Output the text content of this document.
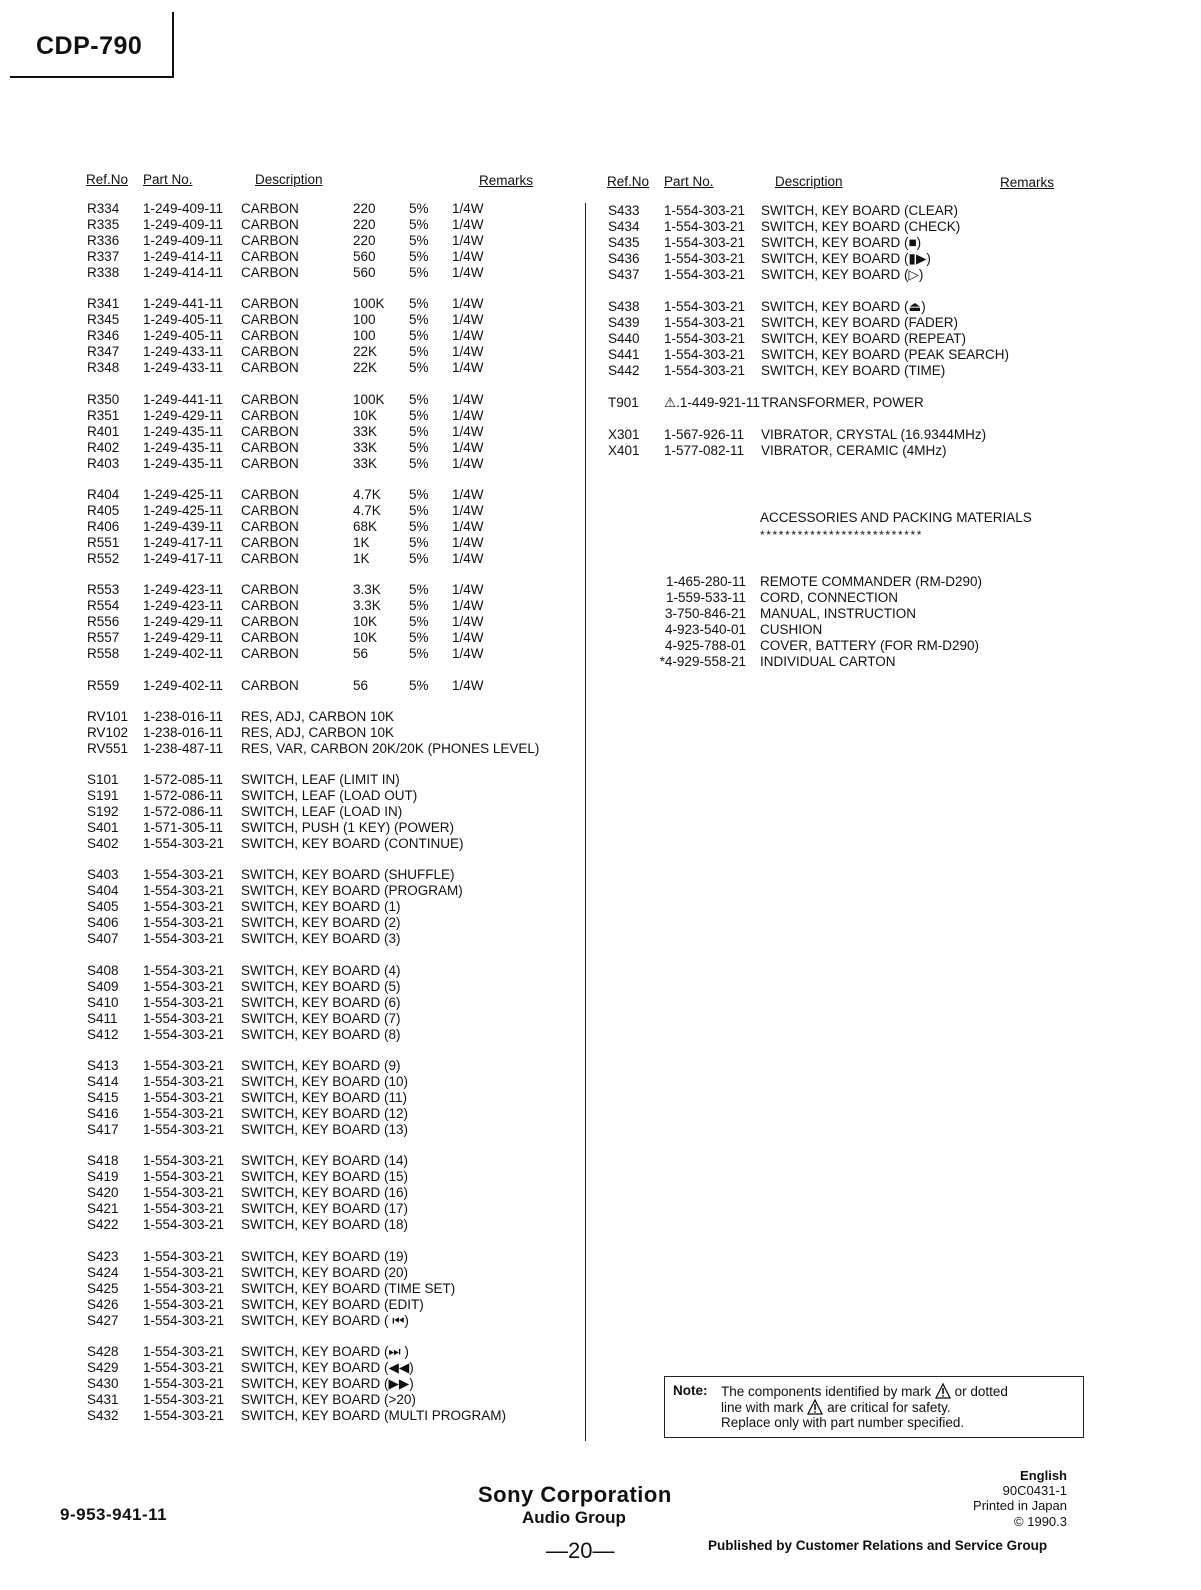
CDP-790
Ref.No Part No.	Description	Remarks	Ref.No Part No.	Description	Remarks
R334 1-249-409-11 CARBON	220 5% 1/4W
R335 1-249-409-11 CARBON	220 5% 1/4W
R336 1-249-409-11 CARBON	220 5% 1/4W
R337 1-249-414-11 CARBON	560 5% 1/4W
R338 1-249-414-11 CARBON	560 5% 1/4W
R341 1-249-441-11 CARBON	100K 5% 1/4W
R345 1-249-405-11 CARBON	100 5% 1/4W
R346 1-249-405-11 CARBON	100 5% 1/4W
R347 1-249-433-11 CARBON	22K 5% 1/4W
R348 1-249-433-11 CARBON	22K 5% 1/4W
R350 1-249-441-11 CARBON	100K 5% 1/4W
R351 1-249-429-11 CARBON	10K 5% 1/4W
R401 1-249-435-11 CARBON	33K 5% 1/4W
R402 1-249-435-11 CARBON	33K 5% 1/4W
R403 1-249-435-11 CARBON	33K 5% 1/4W
R404 1-249-425-11 CARBON	4.7K 5% 1/4W
R405 1-249-425-11 CARBON	4.7K 5% 1/4W
R406 1-249-439-11 CARBON	68K 5% 1/4W
R551 1-249-417-11 CARBON	1K	5% 1/4W
R552 1-249-417-11 CARBON	1K	5% 1/4W
R553 1-249-423-11 CARBON	3.3K 5% 1/4W
R554 1-249-423-11 CARBON	3.3K 5% 1/4W
R556 1-249-429-11 CARBON	10K 5% 1/4W
R557 1-249-429-11 CARBON	10K 5% 1/4W
R558 1-249-402-11 CARBON	56	5% 1/4W
R559 1-249-402-11 CARBON	56	5% 1/4W
RV101 1-238-016-11 RES, ADJ, CARBON 10K
RV102 1-238-016-11 RES, ADJ, CARBON 10K
RV551 1-238-487-11 RES, VAR, CARBON 20K/20K (PHONES LEVEL)
S101 1-572-085-11 SWITCH, LEAF (LIMIT IN)
S191 1-572-086-11 SWITCH, LEAF (LOAD OUT)
S192 1-572-086-11 SWITCH, LEAF (LOAD IN)
S401 1-571-305-11 SWITCH, PUSH (1 KEY) (POWER)
S402 1-554-303-21 SWITCH, KEY BOARD (CONTINUE)
S403 1-554-303-21 SWITCH, KEY BOARD (SHUFFLE)
S404 1-554-303-21 SWITCH, KEY BOARD (PROGRAM)
S405 1-554-303-21 SWITCH, KEY BOARD (1)
S406 1-554-303-21 SWITCH, KEY BOARD (2)
S407 1-554-303-21 SWITCH, KEY BOARD (3)
S408 1-554-303-21 SWITCH, KEY BOARD (4)
S409 1-554-303-21 SWITCH, KEY BOARD (5)
S410 1-554-303-21 SWITCH, KEY BOARD (6)
S411 1-554-303-21 SWITCH, KEY BOARD (7)
S412 1-554-303-21 SWITCH, KEY BOARD (8)
S413 1-554-303-21 SWITCH, KEY BOARD (9)
S414 1-554-303-21 SWITCH, KEY BOARD (10)
S415 1-554-303-21 SWITCH, KEY BOARD (11)
S416 1-554-303-21 SWITCH, KEY BOARD (12)
S417 1-554-303-21 SWITCH, KEY BOARD (13)
S418 1-554-303-21 SWITCH, KEY BOARD (14)
S419 1-554-303-21 SWITCH, KEY BOARD (15)
S420 1-554-303-21 SWITCH, KEY BOARD (16)
S421 1-554-303-21 SWITCH, KEY BOARD (17)
S422 1-554-303-21 SWITCH, KEY BOARD (18)
S423 1-554-303-21 SWITCH, KEY BOARD (19)
S424 1-554-303-21 SWITCH, KEY BOARD (20)
S425 1-554-303-21 SWITCH, KEY BOARD (TIME SET)
S426 1-554-303-21 SWITCH, KEY BOARD (EDIT)
S427 1-554-303-21 SWITCH, KEY BOARD ( ⏮)
S428 1-554-303-21 SWITCH, KEY BOARD (⏭ )
S429 1-554-303-21 SWITCH, KEY BOARD (◀◀)
S430 1-554-303-21 SWITCH, KEY BOARD (▶▶)
S431 1-554-303-21 SWITCH, KEY BOARD (>20)
S432 1-554-303-21 SWITCH, KEY BOARD (MULTI PROGRAM)
S433 1-554-303-21 SWITCH, KEY BOARD (CLEAR)
S434 1-554-303-21 SWITCH, KEY BOARD (CHECK)
S435 1-554-303-21 SWITCH, KEY BOARD (■)
S436 1-554-303-21 SWITCH, KEY BOARD (▮▶)
S437 1-554-303-21 SWITCH, KEY BOARD (▷)
S438 1-554-303-21 SWITCH, KEY BOARD (⏏)
S439 1-554-303-21 SWITCH, KEY BOARD (FADER)
S440 1-554-303-21 SWITCH, KEY BOARD (REPEAT)
S441 1-554-303-21 SWITCH, KEY BOARD (PEAK SEARCH)
S442 1-554-303-21 SWITCH, KEY BOARD (TIME)
T901 ⚠.1-449-921-11 TRANSFORMER, POWER
X301 1-567-926-11 VIBRATOR, CRYSTAL (16.9344MHz)
X401 1-577-082-11 VIBRATOR, CERAMIC (4MHz)
ACCESSORIES AND PACKING MATERIALS
**************************
1-465-280-11 REMOTE COMMANDER (RM-D290)
1-559-533-11 CORD, CONNECTION
3-750-846-21 MANUAL, INSTRUCTION
4-923-540-01 CUSHION
4-925-788-01 COVER, BATTERY (FOR RM-D290)
*4-929-558-21 INDIVIDUAL CARTON
Note: The components identified by mark or dotted
line with mark are critical for safety.
Replace only with part number specified.
9-953-941-11
Sony Corporation
Audio Group
—20—
English
90C0431-1
Printed in Japan
© 1990.3
Published by Customer Relations and Service Group
